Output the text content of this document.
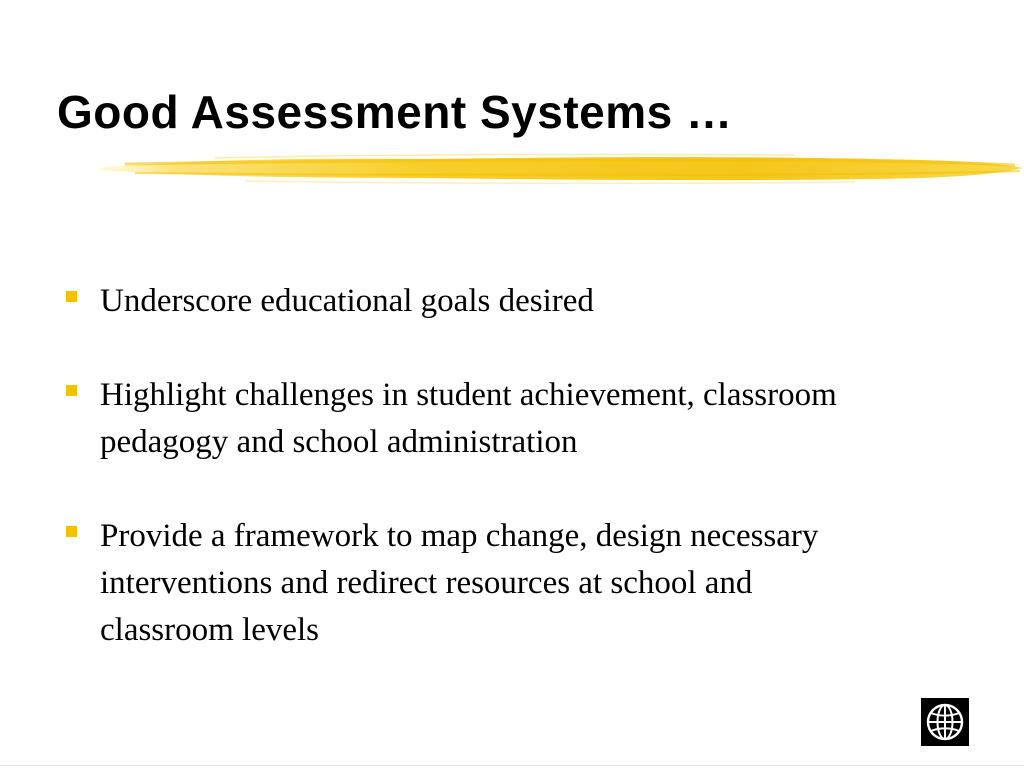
Good Assessment Systems …
Underscore educational goals desired
Highlight challenges in student achievement, classroom pedagogy and school administration
Provide a framework to map change, design necessary interventions and redirect resources at school and classroom levels
